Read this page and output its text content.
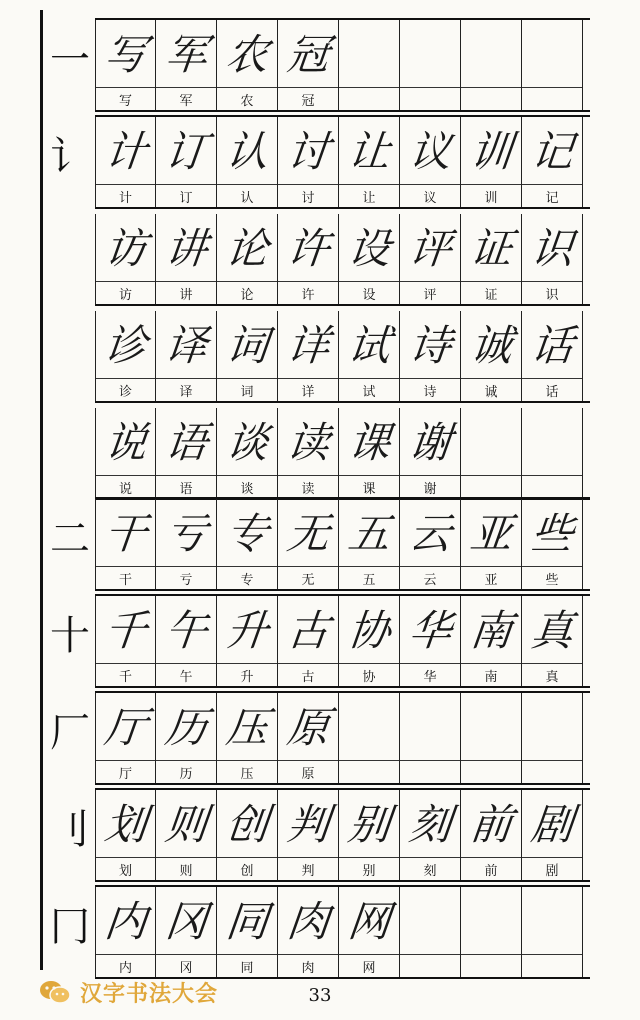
一 写
写
军
军
农
农
冠
冠
讠 计
计
订
订
认
认
讨
讨
让
让
议
议
训
训
记
记
访
访
讲
讲
论
论
许
许
设
设
评
评
证
证
识
识
诊
诊
译
译
词
词
详
详
试
试
诗
诗
诚
诚
话
话
说
说
语
语
谈
谈
读
读
课
课
谢
谢
二 干
干
亏
亏
专
专
无
无
五
五
云
云
亚
亚
些
些
十 千
千
午
午
升
升
古
古
协
协
华
华
南
南
真
真
厂 厅
厅
历
历
压
压
原
原
刂 划
划
则
则
创
创
判
判
别
别
刻
刻
前
前
剧
剧
冂 内
内
冈
冈
同
同
肉
肉
网
网
汉字书法大会	33
